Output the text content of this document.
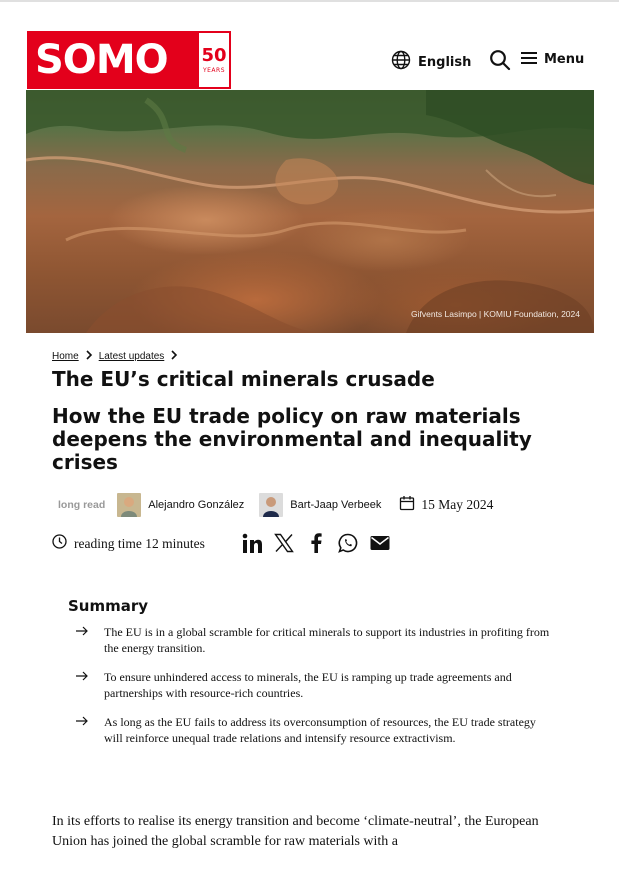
SOMO 50
YEARS
English	Menu
Gifvents Lasimpo | KOMIU Foundation, 2024
Home Latest updates
The EU’s critical minerals crusade
How the EU trade policy on raw materials deepens the environmental and inequality crises
long read	Alejandro González	Bart-Jaap Verbeek	15 May 2024
reading time 12 minutes
Summary
The EU is in a global scramble for critical minerals to support its industries in profiting from the energy transition.
To ensure unhindered access to minerals, the EU is ramping up trade agreements and partnerships with resource-rich countries.
As long as the EU fails to address its overconsumption of resources, the EU trade strategy will reinforce unequal trade relations and intensify resource extractivism.

In its efforts to realise its energy transition and become ‘climate-neutral’, the European Union has joined the global scramble for raw materials with a
